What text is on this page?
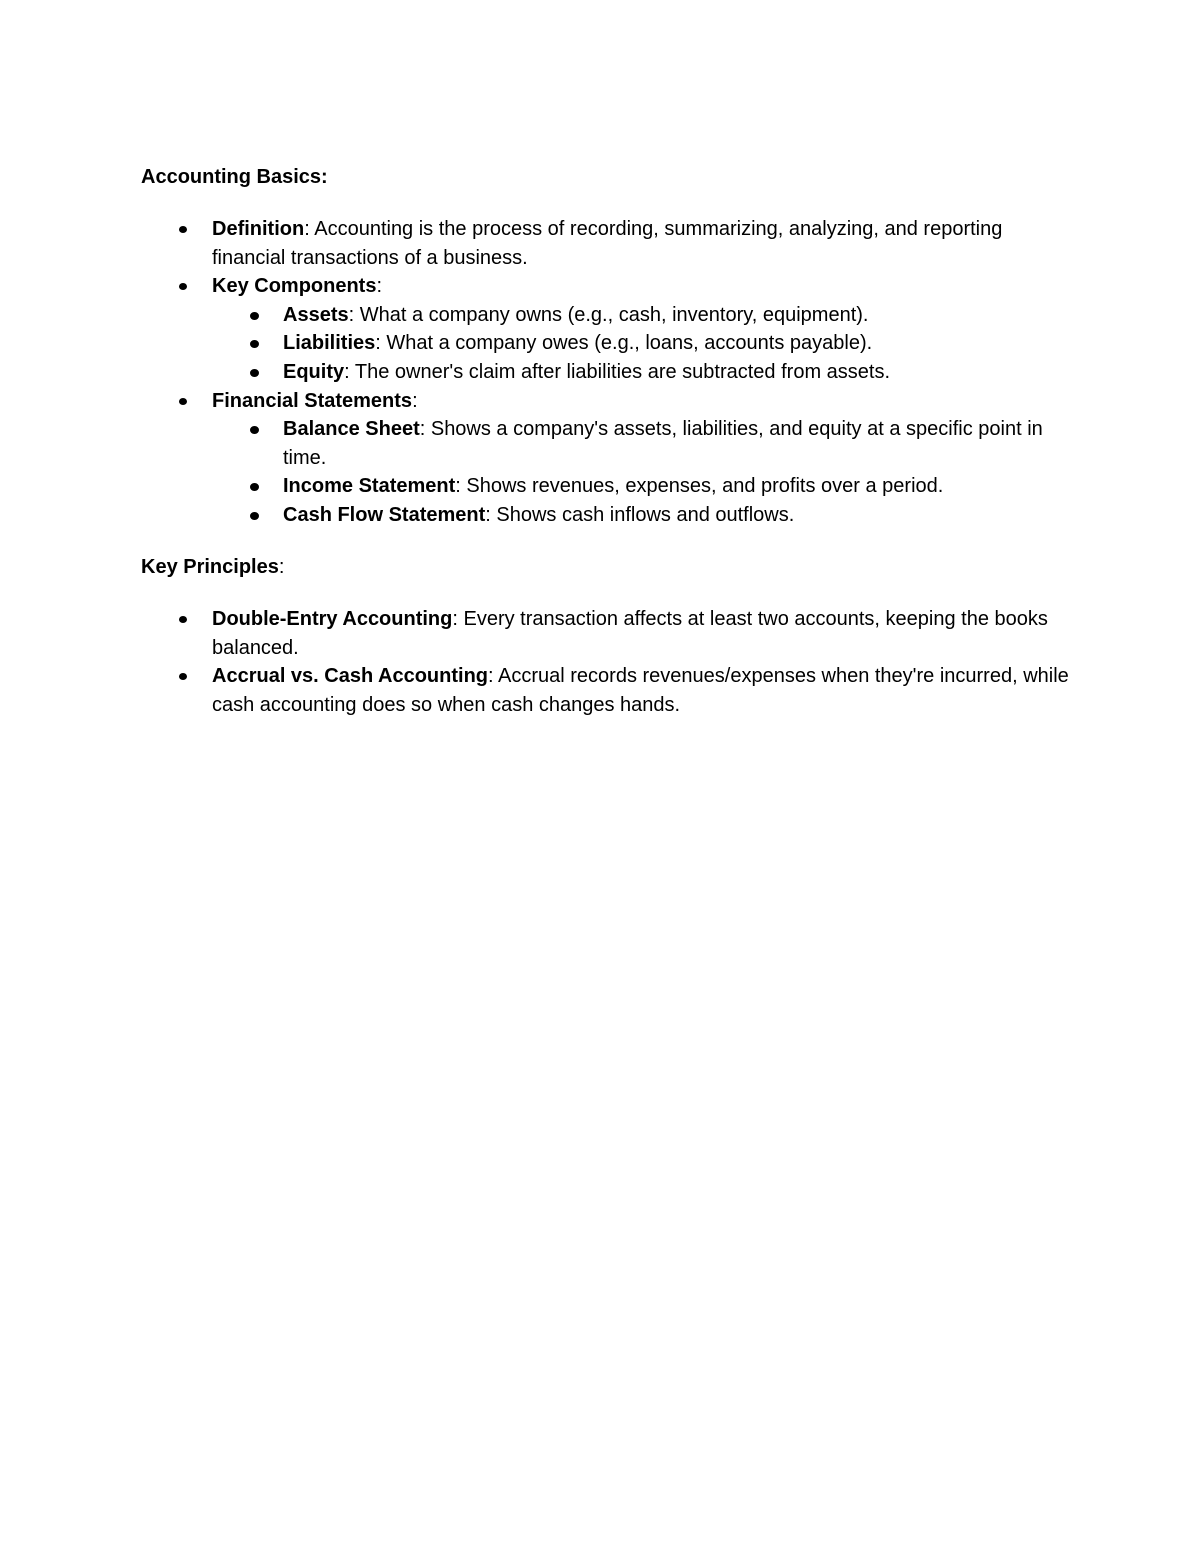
Accounting Basics:

Definition: Accounting is the process of recording, summarizing, analyzing, and reporting financial transactions of a business.
Key Components:
Assets: What a company owns (e.g., cash, inventory, equipment).
Liabilities: What a company owes (e.g., loans, accounts payable).
Equity: The owner's claim after liabilities are subtracted from assets.
Financial Statements:
Balance Sheet: Shows a company's assets, liabilities, and equity at a specific point in time.
Income Statement: Shows revenues, expenses, and profits over a period.
Cash Flow Statement: Shows cash inflows and outflows.

Key Principles:

Double-Entry Accounting: Every transaction affects at least two accounts, keeping the books balanced.
Accrual vs. Cash Accounting: Accrual records revenues/expenses when they're incurred, while cash accounting does so when cash changes hands.
